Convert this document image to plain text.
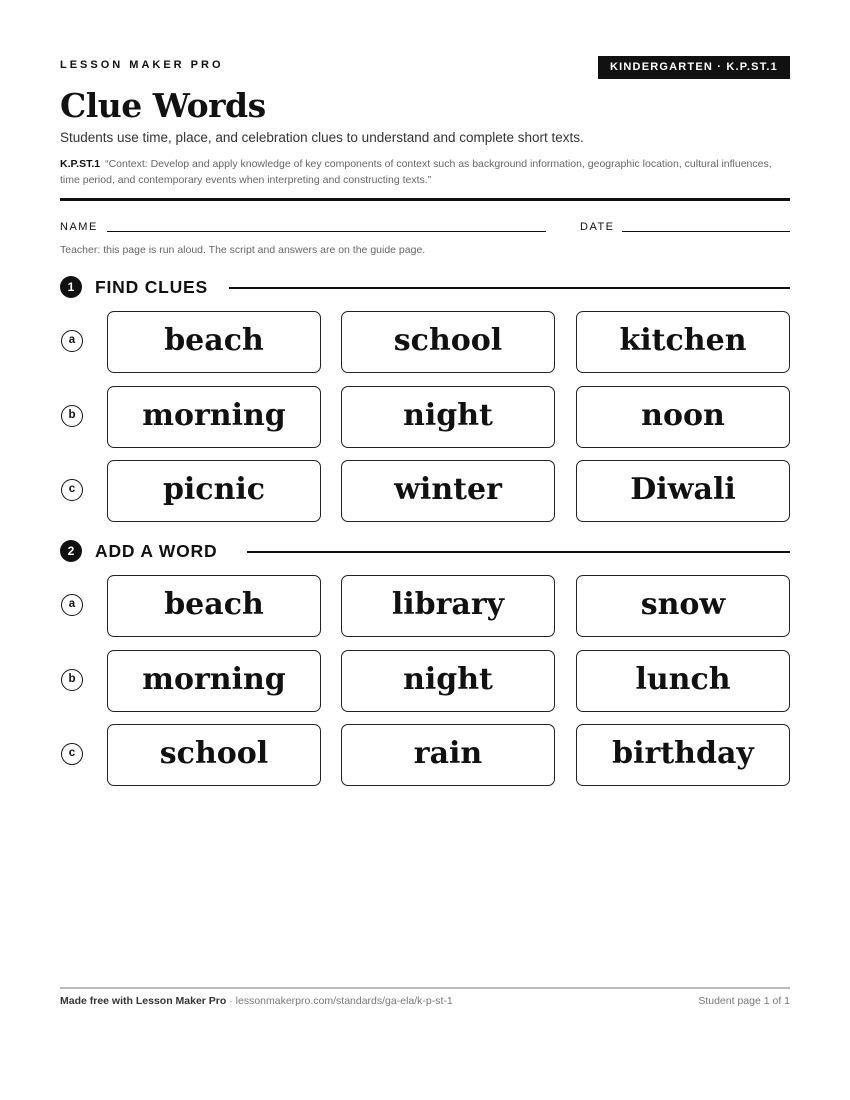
LESSON MAKER PRO	KINDERGARTEN · K.P.ST.1
Clue Words
Students use time, place, and celebration clues to understand and complete short texts.
K.P.ST.1 “Context: Develop and apply knowledge of key components of context such as background information, geographic location, cultural influences, time period, and contemporary events when interpreting and constructing texts.”
NAME	DATE
Teacher: this page is run aloud. The script and answers are on the guide page.
1	FIND CLUES
a	beach	school	kitchen
b	morning	night	noon
c	picnic	winter	Diwali
2	ADD A WORD
a	beach	library	snow
b	morning	night	lunch
c	school	rain	birthday
Made free with Lesson Maker Pro · lessonmakerpro.com/standards/ga-ela/k-p-st-1	Student page 1 of 1
